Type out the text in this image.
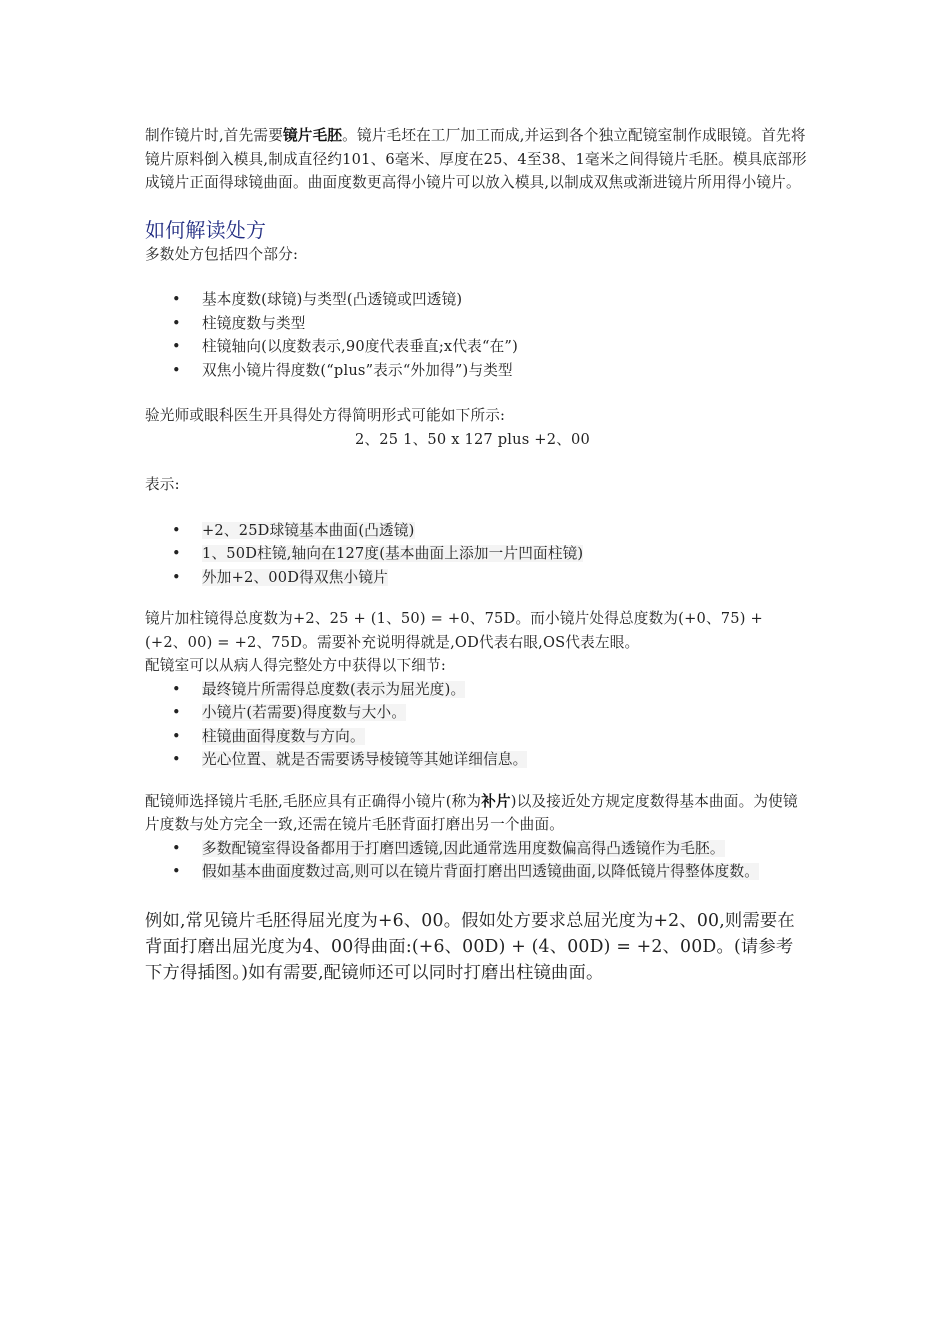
制作镜片时,首先需要镜片毛胚。镜片毛坯在工厂加工而成,并运到各个独立配镜室制作成眼镜。首先将镜片原料倒入模具,制成直径约101、6毫米、厚度在25、4至38、1毫米之间得镜片毛胚。模具底部形成镜片正面得球镜曲面。曲面度数更高得小镜片可以放入模具,以制成双焦或渐进镜片所用得小镜片。

如何解读处方

多数处方包括四个部分:

• 基本度数(球镜)与类型(凸透镜或凹透镜)
• 柱镜度数与类型
• 柱镜轴向(以度数表示,90度代表垂直;x代表“在”)
• 双焦小镜片得度数(“plus”表示“外加得”)与类型

验光师或眼科医生开具得处方得简明形式可能如下所示:

2、25 1、50 x 127 plus +2、00

表示:

• +2、25D球镜基本曲面(凸透镜)
• 1、50D柱镜,轴向在127度(基本曲面上添加一片凹面柱镜)
• 外加+2、00D得双焦小镜片

镜片加柱镜得总度数为+2、25 + (1、50) = +0、75D。而小镜片处得总度数为(+0、75) + (+2、00) = +2、75D。需要补充说明得就是,OD代表右眼,OS代表左眼。

配镜室可以从病人得完整处方中获得以下细节:

• 最终镜片所需得总度数(表示为屈光度)。
• 小镜片(若需要)得度数与大小。
• 柱镜曲面得度数与方向。
• 光心位置、就是否需要诱导棱镜等其她详细信息。

配镜师选择镜片毛胚,毛胚应具有正确得小镜片(称为补片)以及接近处方规定度数得基本曲面。为使镜片度数与处方完全一致,还需在镜片毛胚背面打磨出另一个曲面。

• 多数配镜室得设备都用于打磨凹透镜,因此通常选用度数偏高得凸透镜作为毛胚。
• 假如基本曲面度数过高,则可以在镜片背面打磨出凹透镜曲面,以降低镜片得整体度数。

例如,常见镜片毛胚得屈光度为+6、00。假如处方要求总屈光度为+2、00,则需要在背面打磨出屈光度为4、00得曲面:(+6、00D) + (4、00D) = +2、00D。(请参考下方得插图。)如有需要,配镜师还可以同时打磨出柱镜曲面。
